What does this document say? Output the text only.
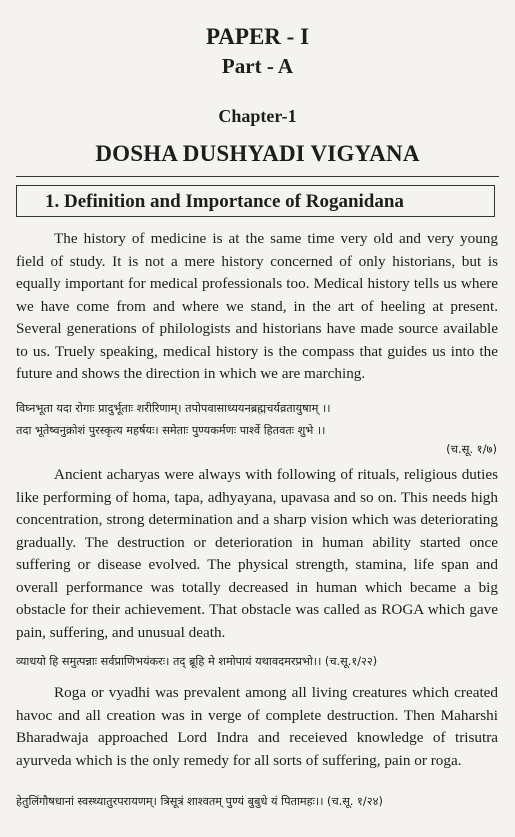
PAPER - I
Part - A
Chapter-1
DOSHA DUSHYADI VIGYANA
1. Definition and Importance of Roganidana

The history of medicine is at the same time very old and very young field of study. It is not a mere history concerned of only historians, but is equally important for medical professionals too. Medical history tells us where we have come from and where we stand, in the art of heeling at present. Several generations of philologists and historians have made source available to us. Truely speaking, medical history is the compass that guides us into the future and shows the direction in which we are marching.

विघ्नभूता यदा रोगाः प्रादुर्भूताः शरीरिणाम्। तपोपवासाध्ययनब्रह्मचर्यव्रतायुषाम् ।।
तदा भूतेष्वनुक्रोशं पुरस्कृत्य महर्षयः। समेताः पुण्यकर्मणः पार्श्वे हितवतः शुभे ।।
(च.सू. १/७)

Ancient acharyas were always with following of rituals, religious duties like performing of homa, tapa, adhyayana, upavasa and so on. This needs high concentration, strong determination and a sharp vision which was deteriorating gradually. The destruction or deterioration in human ability started once suffering or disease evolved. The physical strength, stamina, life span and overall performance was totally decreased in human which became a big obstacle for their achievement. That obstacle was called as ROGA which gave pain, suffering, and unusual death.

व्याधयो हि समुत्पन्नाः सर्वप्राणिभयंकरः। तद् ब्रूहि मे शमोपायं यथावदमरप्रभो।। (च.सू.१/२२)

Roga or vyadhi was prevalent among all living creatures which created havoc and all creation was in verge of complete destruction. Then Maharshi Bharadwaja approached Lord Indra and receieved knowledge of trisutra ayurveda which is the only remedy for all sorts of suffering, pain or roga.

हेतुलिंगौषधानां स्वस्थ्यातुरपरायणम्। त्रिसूत्रं शाश्वतम् पुण्यं बुबुधे यं पितामहः।। (च.सू. १/२४)
